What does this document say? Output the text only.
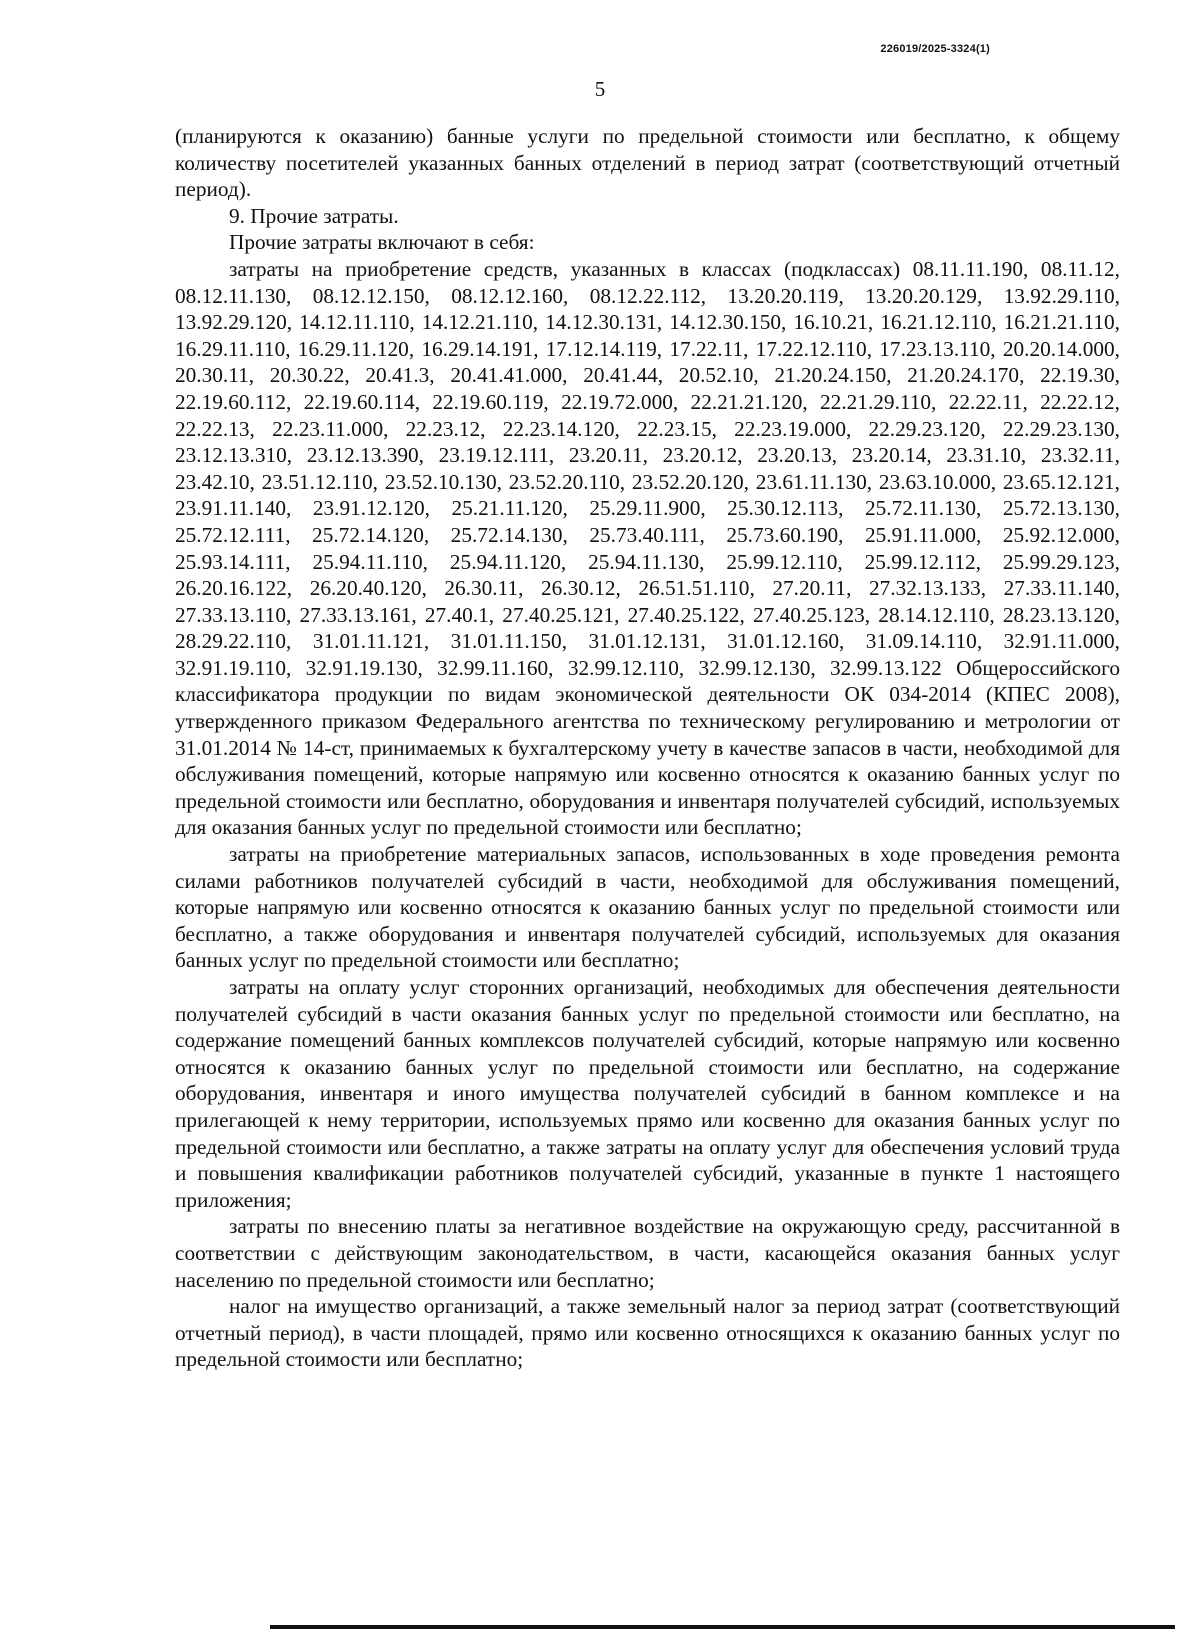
226019/2025-3324(1)
5

(планируются к оказанию) банные услуги по предельной стоимости или бесплатно, к общему количеству посетителей указанных банных отделений в период затрат (соответствующий отчетный период).

9. Прочие затраты.

Прочие затраты включают в себя:

затраты на приобретение средств, указанных в классах (подклассах) 08.11.11.190, 08.11.12, 08.12.11.130, 08.12.12.150, 08.12.12.160, 08.12.22.112, 13.20.20.119, 13.20.20.129, 13.92.29.110, 13.92.29.120, 14.12.11.110, 14.12.21.110, 14.12.30.131, 14.12.30.150, 16.10.21, 16.21.12.110, 16.21.21.110, 16.29.11.110, 16.29.11.120, 16.29.14.191, 17.12.14.119, 17.22.11, 17.22.12.110, 17.23.13.110, 20.20.14.000, 20.30.11, 20.30.22, 20.41.3, 20.41.41.000, 20.41.44, 20.52.10, 21.20.24.150, 21.20.24.170, 22.19.30, 22.19.60.112, 22.19.60.114, 22.19.60.119, 22.19.72.000, 22.21.21.120, 22.21.29.110, 22.22.11, 22.22.12, 22.22.13, 22.23.11.000, 22.23.12, 22.23.14.120, 22.23.15, 22.23.19.000, 22.29.23.120, 22.29.23.130, 23.12.13.310, 23.12.13.390, 23.19.12.111, 23.20.11, 23.20.12, 23.20.13, 23.20.14, 23.31.10, 23.32.11, 23.42.10, 23.51.12.110, 23.52.10.130, 23.52.20.110, 23.52.20.120, 23.61.11.130, 23.63.10.000, 23.65.12.121, 23.91.11.140, 23.91.12.120, 25.21.11.120, 25.29.11.900, 25.30.12.113, 25.72.11.130, 25.72.13.130, 25.72.12.111, 25.72.14.120, 25.72.14.130, 25.73.40.111, 25.73.60.190, 25.91.11.000, 25.92.12.000, 25.93.14.111, 25.94.11.110, 25.94.11.120, 25.94.11.130, 25.99.12.110, 25.99.12.112, 25.99.29.123, 26.20.16.122, 26.20.40.120, 26.30.11, 26.30.12, 26.51.51.110, 27.20.11, 27.32.13.133, 27.33.11.140, 27.33.13.110, 27.33.13.161, 27.40.1, 27.40.25.121, 27.40.25.122, 27.40.25.123, 28.14.12.110, 28.23.13.120, 28.29.22.110, 31.01.11.121, 31.01.11.150, 31.01.12.131, 31.01.12.160, 31.09.14.110, 32.91.11.000, 32.91.19.110, 32.91.19.130, 32.99.11.160, 32.99.12.110, 32.99.12.130, 32.99.13.122 Общероссийского классификатора продукции по видам экономической деятельности ОК 034-2014 (КПЕС 2008), утвержденного приказом Федерального агентства по техническому регулированию и метрологии от 31.01.2014 № 14-ст, принимаемых к бухгалтерскому учету в качестве запасов в части, необходимой для обслуживания помещений, которые напрямую или косвенно относятся к оказанию банных услуг по предельной стоимости или бесплатно, оборудования и инвентаря получателей субсидий, используемых для оказания банных услуг по предельной стоимости или бесплатно;

затраты на приобретение материальных запасов, использованных в ходе проведения ремонта силами работников получателей субсидий в части, необходимой для обслуживания помещений, которые напрямую или косвенно относятся к оказанию банных услуг по предельной стоимости или бесплатно, а также оборудования и инвентаря получателей субсидий, используемых для оказания банных услуг по предельной стоимости или бесплатно;

затраты на оплату услуг сторонних организаций, необходимых для обеспечения деятельности получателей субсидий в части оказания банных услуг по предельной стоимости или бесплатно, на содержание помещений банных комплексов получателей субсидий, которые напрямую или косвенно относятся к оказанию банных услуг по предельной стоимости или бесплатно, на содержание оборудования, инвентаря и иного имущества получателей субсидий в банном комплексе и на прилегающей к нему территории, используемых прямо или косвенно для оказания банных услуг по предельной стоимости или бесплатно, а также затраты на оплату услуг для обеспечения условий труда и повышения квалификации работников получателей субсидий, указанные в пункте 1 настоящего приложения;

затраты по внесению платы за негативное воздействие на окружающую среду, рассчитанной в соответствии с действующим законодательством, в части, касающейся оказания банных услуг населению по предельной стоимости или бесплатно;

налог на имущество организаций, а также земельный налог за период затрат (соответствующий отчетный период), в части площадей, прямо или косвенно относящихся к оказанию банных услуг по предельной стоимости или бесплатно;
